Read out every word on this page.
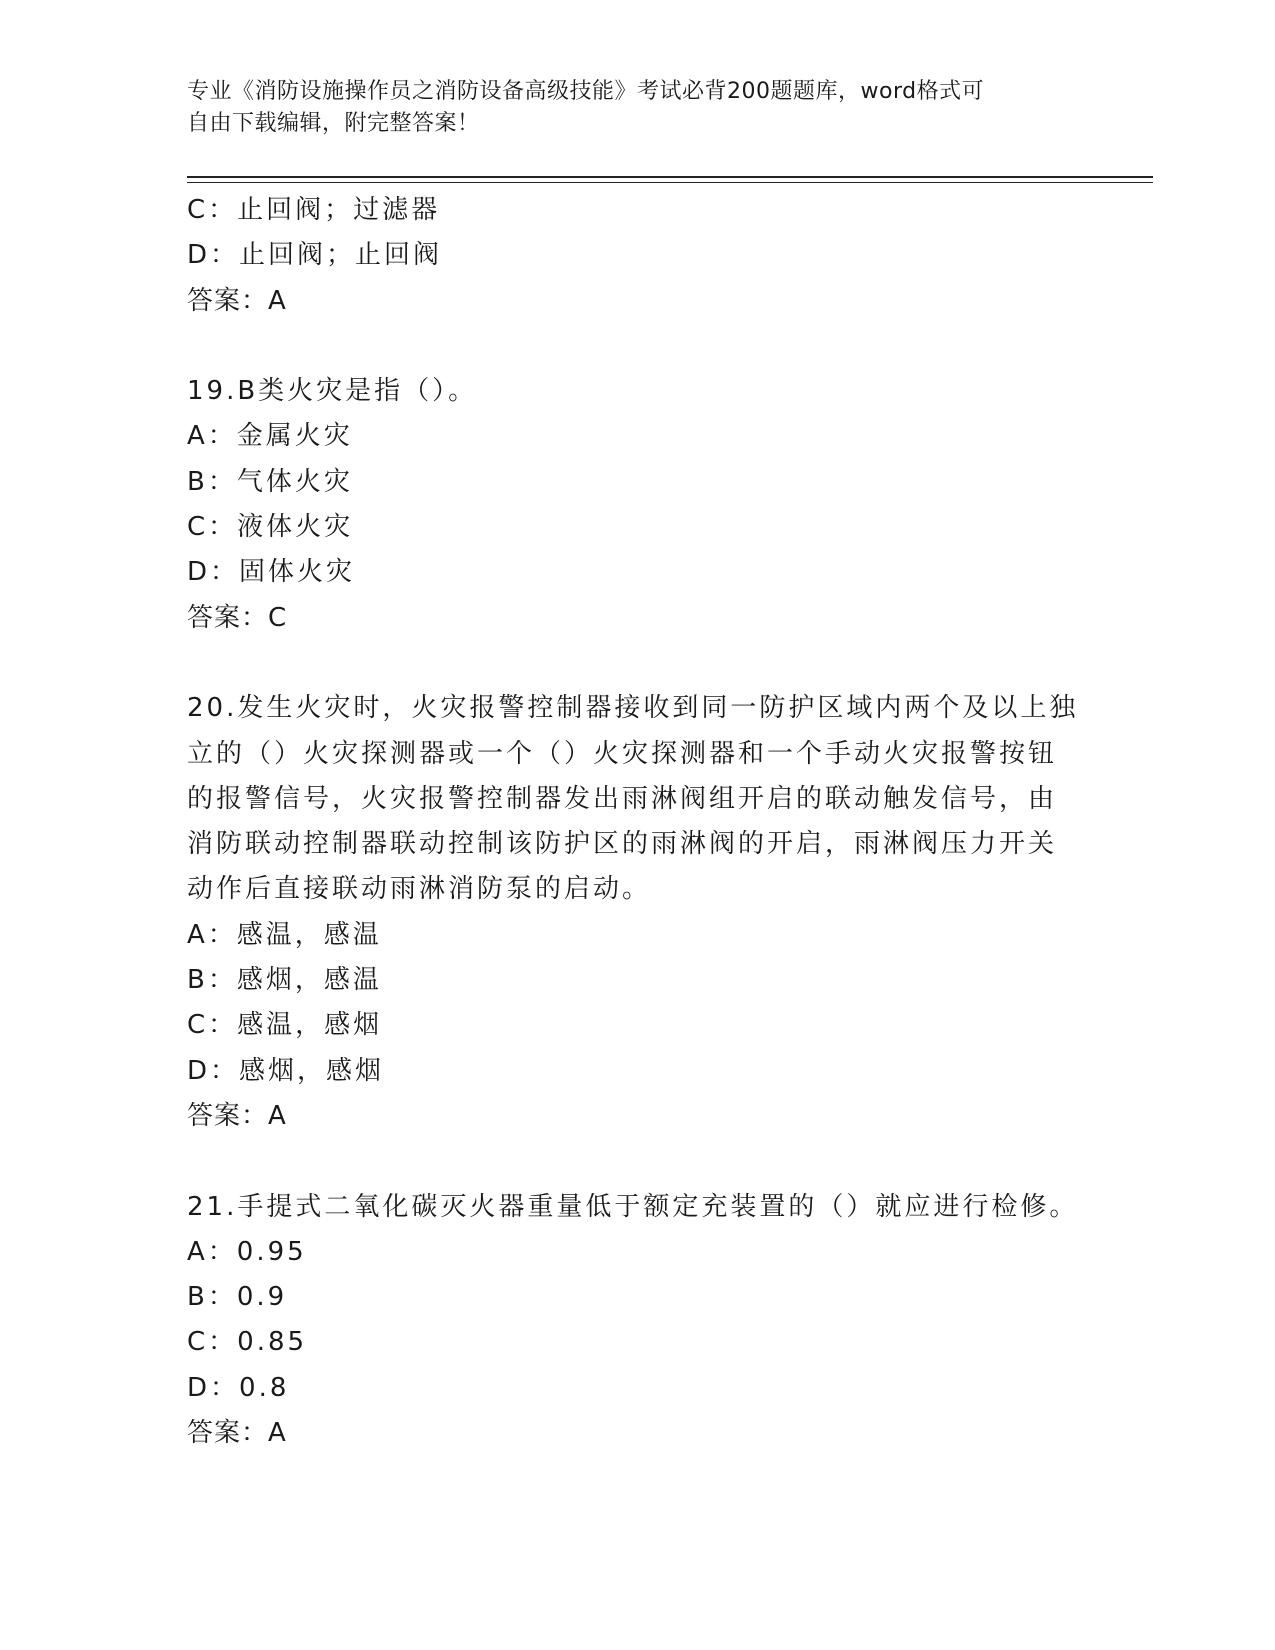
专业《消防设施操作员之消防设备高级技能》考试必背200题题库，word格式可
自由下载编辑，附完整答案！
C：止回阀；过滤器
D：止回阀；止回阀
答案：A
19.B类火灾是指（）。
A：金属火灾
B：气体火灾
C：液体火灾
D：固体火灾
答案：C
20.发生火灾时，火灾报警控制器接收到同一防护区域内两个及以上独
立的（）火灾探测器或一个（）火灾探测器和一个手动火灾报警按钮
的报警信号，火灾报警控制器发出雨淋阀组开启的联动触发信号，由
消防联动控制器联动控制该防护区的雨淋阀的开启，雨淋阀压力开关
动作后直接联动雨淋消防泵的启动。
A：感温，感温
B：感烟，感温
C：感温，感烟
D：感烟，感烟
答案：A
21.手提式二氧化碳灭火器重量低于额定充装置的（）就应进行检修。
A：0.95
B：0.9
C：0.85
D：0.8
答案：A
